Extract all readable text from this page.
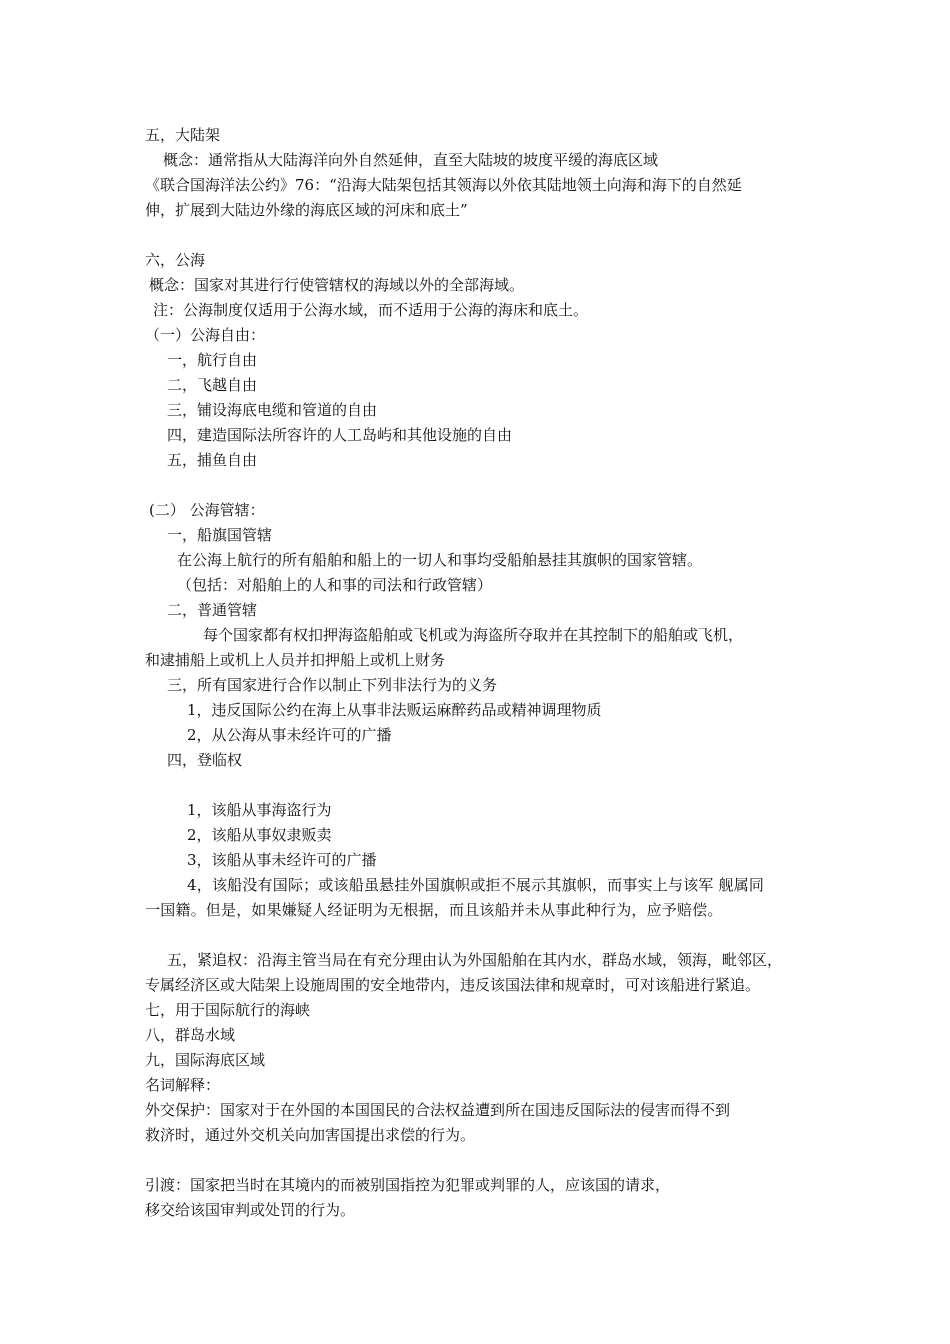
五，大陆架
概念：通常指从大陆海洋向外自然延伸，直至大陆坡的坡度平缓的海底区域
《联合国海洋法公约》76：“沿海大陆架包括其领海以外依其陆地领土向海和海下的自然延
伸，扩展到大陆边外缘的海底区域的河床和底土”
六，公海
概念：国家对其进行行使管辖权的海域以外的全部海域。
注：公海制度仅适用于公海水域，而不适用于公海的海床和底土。
（一）公海自由：
一，航行自由
二，飞越自由
三，铺设海底电缆和管道的自由
四，建造国际法所容许的人工岛屿和其他设施的自由
五，捕鱼自由
(二） 公海管辖：
一，船旗国管辖
在公海上航行的所有船舶和船上的一切人和事均受船舶悬挂其旗帜的国家管辖。
（包括：对船舶上的人和事的司法和行政管辖）
二，普通管辖
每个国家都有权扣押海盗船舶或飞机或为海盗所夺取并在其控制下的船舶或飞机，
和逮捕船上或机上人员并扣押船上或机上财务
三，所有国家进行合作以制止下列非法行为的义务
1，违反国际公约在海上从事非法贩运麻醉药品或精神调理物质
2，从公海从事未经许可的广播
四，登临权
1，该船从事海盗行为
2，该船从事奴隶贩卖
3，该船从事未经许可的广播
4，该船没有国际；或该船虽悬挂外国旗帜或拒不展示其旗帜，而事实上与该军 舰属同
一国籍。但是，如果嫌疑人经证明为无根据，而且该船并未从事此种行为，应予赔偿。
五，紧追权：沿海主管当局在有充分理由认为外国船舶在其内水，群岛水域，领海，毗邻区，
专属经济区或大陆架上设施周围的安全地带内，违反该国法律和规章时，可对该船进行紧追。
七，用于国际航行的海峡
八，群岛水域
九，国际海底区域
名词解释：
外交保护：国家对于在外国的本国国民的合法权益遭到所在国违反国际法的侵害而得不到
救济时，通过外交机关向加害国提出求偿的行为。
引渡：国家把当时在其境内的而被别国指控为犯罪或判罪的人，应该国的请求，
移交给该国审判或处罚的行为。
